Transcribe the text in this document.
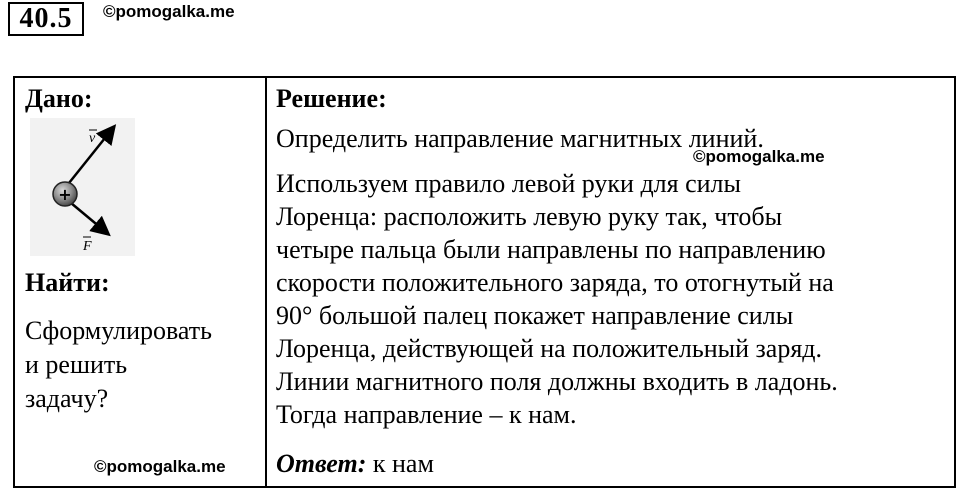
40.5	©pomogalka.me
Дано:
+
v
F
Найти:
Сформулировать
и решить
задачу?
Решение:
Определить направление магнитных линий.
Используем правило левой руки для силы
Лоренца: расположить левую руку так, чтобы
четыре пальца были направлены по направлению
скорости положительного заряда, то отогнутый на
90° большой палец покажет направление силы
Лоренца, действующей на положительный заряд.
Линии магнитного поля должны входить в ладонь.
Тогда направление – к нам.
Ответ: к нам
©pomogalka.me
©pomogalka.me
